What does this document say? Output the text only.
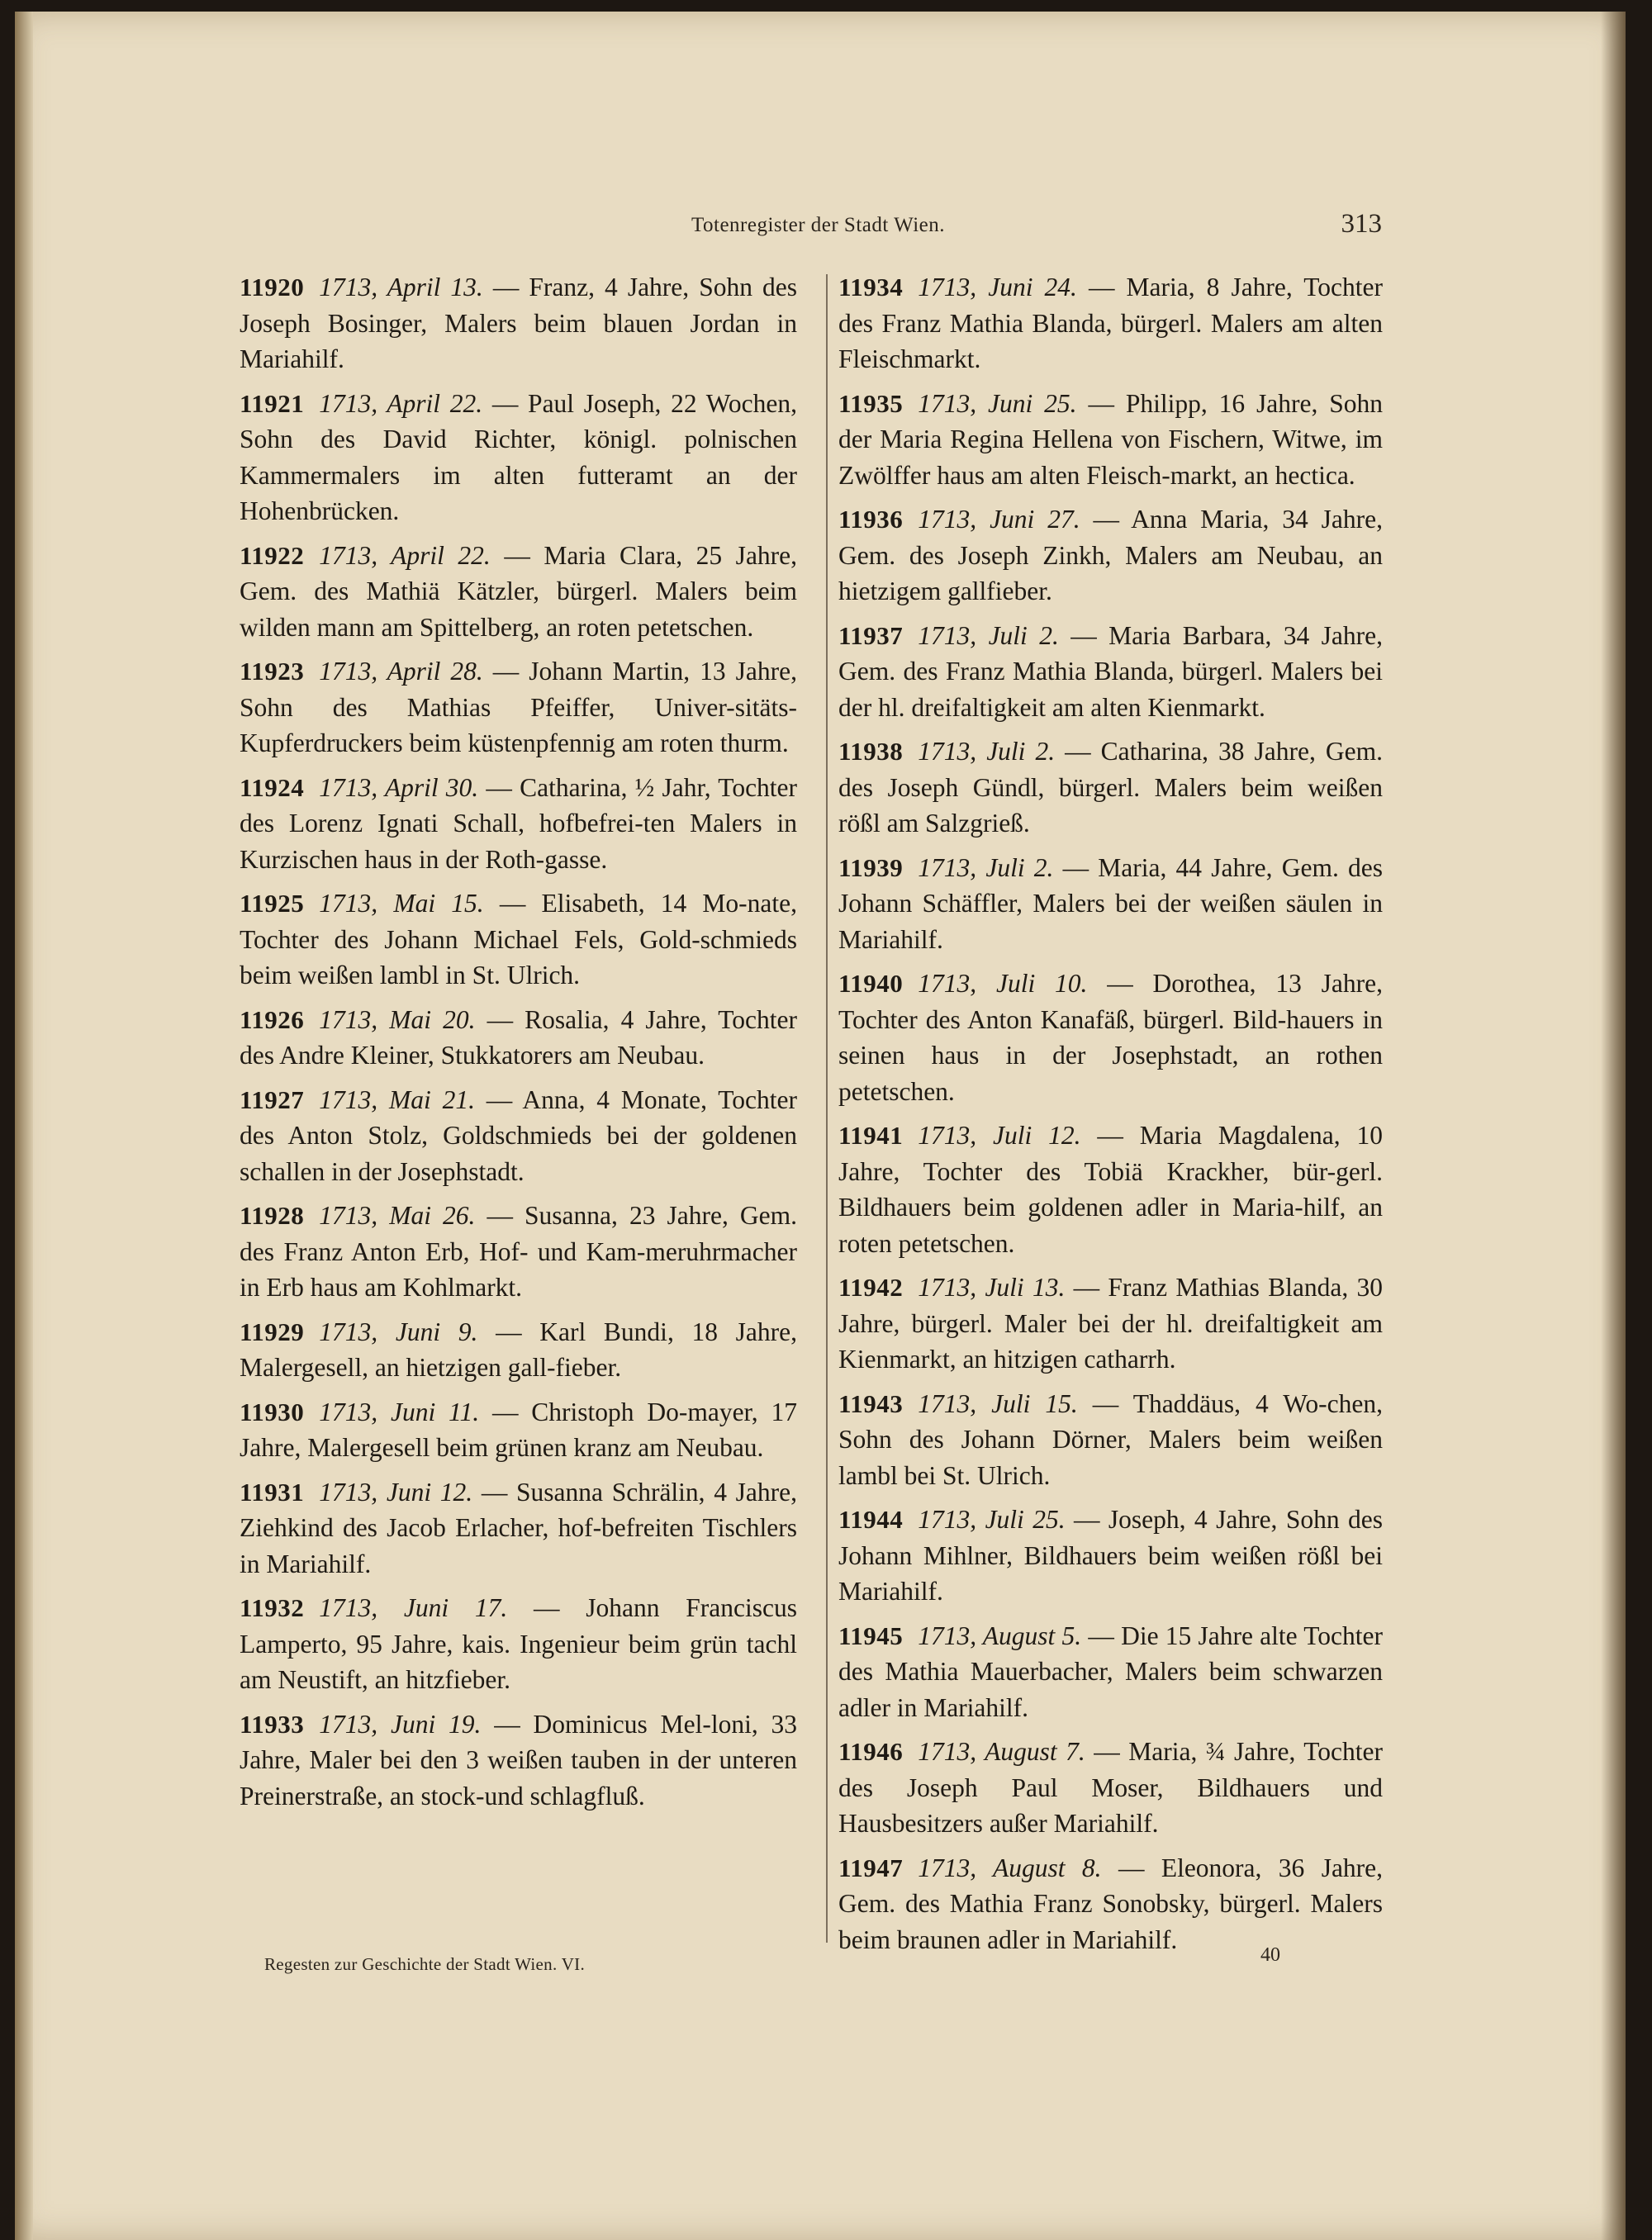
Totenregister der Stadt Wien.	313

11920 1713, April 13. — Franz, 4 Jahre, Sohn des Joseph Bosinger, Malers beim blauen Jordan in Mariahilf.

11921 1713, April 22. — Paul Joseph, 22 Wochen, Sohn des David Richter, königl. polnischen Kammermalers im alten futteramt an der Hohenbrücken.

11922 1713, April 22. — Maria Clara, 25 Jahre, Gem. des Mathiä Kätzler, bürgerl. Malers beim wilden mann am Spittelberg, an roten petetschen.

11923 1713, April 28. — Johann Martin, 13 Jahre, Sohn des Mathias Pfeiffer, Univer-sitäts-Kupferdruckers beim küstenpfennig am roten thurm.

11924 1713, April 30. — Catharina, ½ Jahr, Tochter des Lorenz Ignati Schall, hofbefrei-ten Malers in Kurzischen haus in der Roth-gasse.

11925 1713, Mai 15. — Elisabeth, 14 Mo-nate, Tochter des Johann Michael Fels, Gold-schmieds beim weißen lambl in St. Ulrich.

11926 1713, Mai 20. — Rosalia, 4 Jahre, Tochter des Andre Kleiner, Stukkatorers am Neubau.

11927 1713, Mai 21. — Anna, 4 Monate, Tochter des Anton Stolz, Goldschmieds bei der goldenen schallen in der Josephstadt.

11928 1713, Mai 26. — Susanna, 23 Jahre, Gem. des Franz Anton Erb, Hof- und Kam-meruhrmacher in Erb haus am Kohlmarkt.

11929 1713, Juni 9. — Karl Bundi, 18 Jahre, Malergesell, an hietzigen gall-fieber.

11930 1713, Juni 11. — Christoph Do-mayer, 17 Jahre, Malergesell beim grünen kranz am Neubau.

11931 1713, Juni 12. — Susanna Schrälin, 4 Jahre, Ziehkind des Jacob Erlacher, hof-befreiten Tischlers in Mariahilf.

11932 1713, Juni 17. — Johann Franciscus Lamperto, 95 Jahre, kais. Ingenieur beim grün tachl am Neustift, an hitzfieber.

11933 1713, Juni 19. — Dominicus Mel-loni, 33 Jahre, Maler bei den 3 weißen tauben in der unteren Preinerstraße, an stock-und schlagfluß.

11934 1713, Juni 24. — Maria, 8 Jahre, Tochter des Franz Mathia Blanda, bürgerl. Malers am alten Fleischmarkt.

11935 1713, Juni 25. — Philipp, 16 Jahre, Sohn der Maria Regina Hellena von Fischern, Witwe, im Zwölffer haus am alten Fleisch-markt, an hectica.

11936 1713, Juni 27. — Anna Maria, 34 Jahre, Gem. des Joseph Zinkh, Malers am Neubau, an hietzigem gallfieber.

11937 1713, Juli 2. — Maria Barbara, 34 Jahre, Gem. des Franz Mathia Blanda, bürgerl. Malers bei der hl. dreifaltigkeit am alten Kienmarkt.

11938 1713, Juli 2. — Catharina, 38 Jahre, Gem. des Joseph Gündl, bürgerl. Malers beim weißen rößl am Salzgrieß.

11939 1713, Juli 2. — Maria, 44 Jahre, Gem. des Johann Schäffler, Malers bei der weißen säulen in Mariahilf.

11940 1713, Juli 10. — Dorothea, 13 Jahre, Tochter des Anton Kanafäß, bürgerl. Bild-hauers in seinen haus in der Josephstadt, an rothen petetschen.

11941 1713, Juli 12. — Maria Magdalena, 10 Jahre, Tochter des Tobiä Krackher, bür-gerl. Bildhauers beim goldenen adler in Maria-hilf, an roten petetschen.

11942 1713, Juli 13. — Franz Mathias Blanda, 30 Jahre, bürgerl. Maler bei der hl. dreifaltigkeit am Kienmarkt, an hitzigen catharrh.

11943 1713, Juli 15. — Thaddäus, 4 Wo-chen, Sohn des Johann Dörner, Malers beim weißen lambl bei St. Ulrich.

11944 1713, Juli 25. — Joseph, 4 Jahre, Sohn des Johann Mihlner, Bildhauers beim weißen rößl bei Mariahilf.

11945 1713, August 5. — Die 15 Jahre alte Tochter des Mathia Mauerbacher, Malers beim schwarzen adler in Mariahilf.

11946 1713, August 7. — Maria, ¾ Jahre, Tochter des Joseph Paul Moser, Bildhauers und Hausbesitzers außer Mariahilf.

11947 1713, August 8. — Eleonora, 36 Jahre, Gem. des Mathia Franz Sonobsky, bürgerl. Malers beim braunen adler in Mariahilf.

Regesten zur Geschichte der Stadt Wien. VI.	40
